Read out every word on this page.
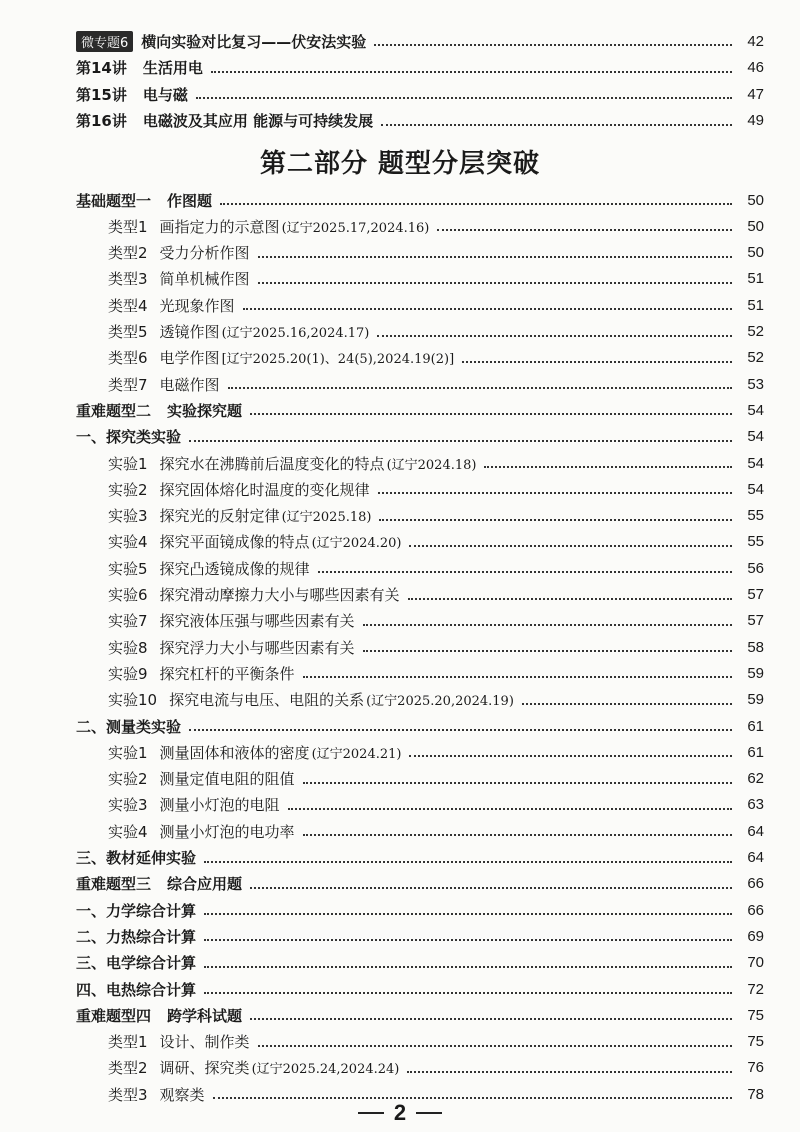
微专题6 横向实验对比复习——伏安法实验	42
第14讲 生活用电	46
第15讲 电与磁	47
第16讲 电磁波及其应用 能源与可持续发展	49
第二部分 题型分层突破
基础题型一 作图题	50
类型1 画指定力的示意图 (辽宁2025.17,2024.16)	50
类型2 受力分析作图	50
类型3 简单机械作图	51
类型4 光现象作图	51
类型5 透镜作图 (辽宁2025.16,2024.17)	52
类型6 电学作图 [辽宁2025.20(1)、24(5),2024.19(2)]	52
类型7 电磁作图	53
重难题型二 实验探究题	54
一、探究类实验	54
实验1 探究水在沸腾前后温度变化的特点 (辽宁2024.18)	54
实验2 探究固体熔化时温度的变化规律	54
实验3 探究光的反射定律 (辽宁2025.18)	55
实验4 探究平面镜成像的特点 (辽宁2024.20)	55
实验5 探究凸透镜成像的规律	56
实验6 探究滑动摩擦力大小与哪些因素有关	57
实验7 探究液体压强与哪些因素有关	57
实验8 探究浮力大小与哪些因素有关	58
实验9 探究杠杆的平衡条件	59
实验10 探究电流与电压、电阻的关系 (辽宁2025.20,2024.19)	59
二、测量类实验	61
实验1 测量固体和液体的密度 (辽宁2024.21)	61
实验2 测量定值电阻的阻值	62
实验3 测量小灯泡的电阻	63
实验4 测量小灯泡的电功率	64
三、教材延伸实验	64
重难题型三 综合应用题	66
一、力学综合计算	66
二、力热综合计算	69
三、电学综合计算	70
四、电热综合计算	72
重难题型四 跨学科试题	75
类型1 设计、制作类	75
类型2 调研、探究类 (辽宁2025.24,2024.24)	76
类型3 观察类	78
2
